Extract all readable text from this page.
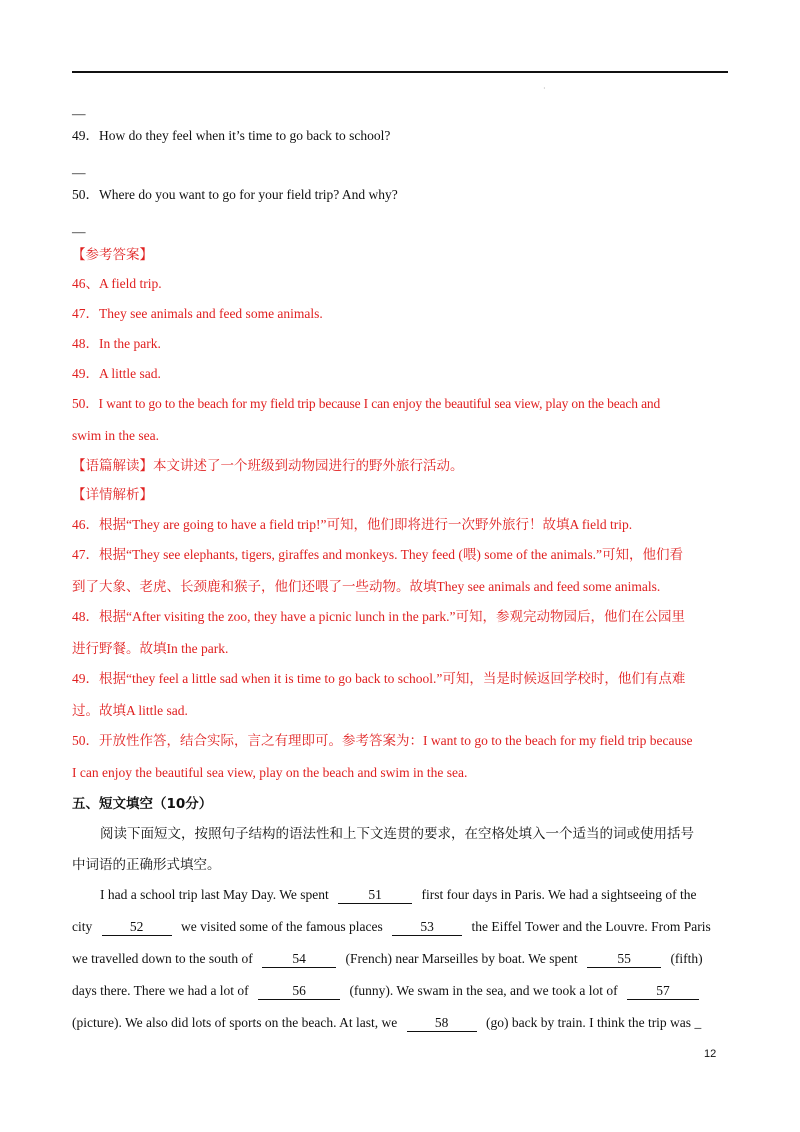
·
—
49．How do they feel when it’s time to go back to school?
—
50．Where do you want to go for your field trip? And why?
—
【参考答案】
46、A field trip.
47．They see animals and feed some animals.
48．In the park.
49．A little sad.
50．I want to go to the beach for my field trip because I can enjoy the beautiful sea view, play on the beach and
swim in the sea.
【语篇解读】本文讲述了一个班级到动物园进行的野外旅行活动。
【详情解析】
46．根据“They are going to have a field trip!”可知，他们即将进行一次野外旅行！故填A field trip.
47．根据“They see elephants, tigers, giraffes and monkeys. They feed (喂) some of the animals.”可知，他们看
到了大象、老虎、长颈鹿和猴子，他们还喂了一些动物。故填They see animals and feed some animals.
48．根据“After visiting the zoo, they have a picnic lunch in the park.”可知，参观完动物园后，他们在公园里
进行野餐。故填In the park.
49．根据“they feel a little sad when it is time to go back to school.”可知，当是时候返回学校时，他们有点难
过。故填A little sad.
50．开放性作答，结合实际，言之有理即可。参考答案为：I want to go to the beach for my field trip because
I can enjoy the beautiful sea view, play on the beach and swim in the sea.
五、短文填空（10分）
阅读下面短文，按照句子结构的语法性和上下文连贯的要求，在空格处填入一个适当的词或使用括号
中词语的正确形式填空。
I had a school trip last May Day. We spent	51	first four days in Paris. We had a sightseeing of the
city	52	we visited some of the famous places	53	the Eiffel Tower and the Louvre. From Paris
we travelled down to the south of	54	(French) near Marseilles by boat. We spent	55	(fifth)
days there. There we had a lot of	56	(funny). We swam in the sea, and we took a lot of	57
(picture). We also did lots of sports on the beach. At last, we	58	(go) back by train. I think the trip was _
12
